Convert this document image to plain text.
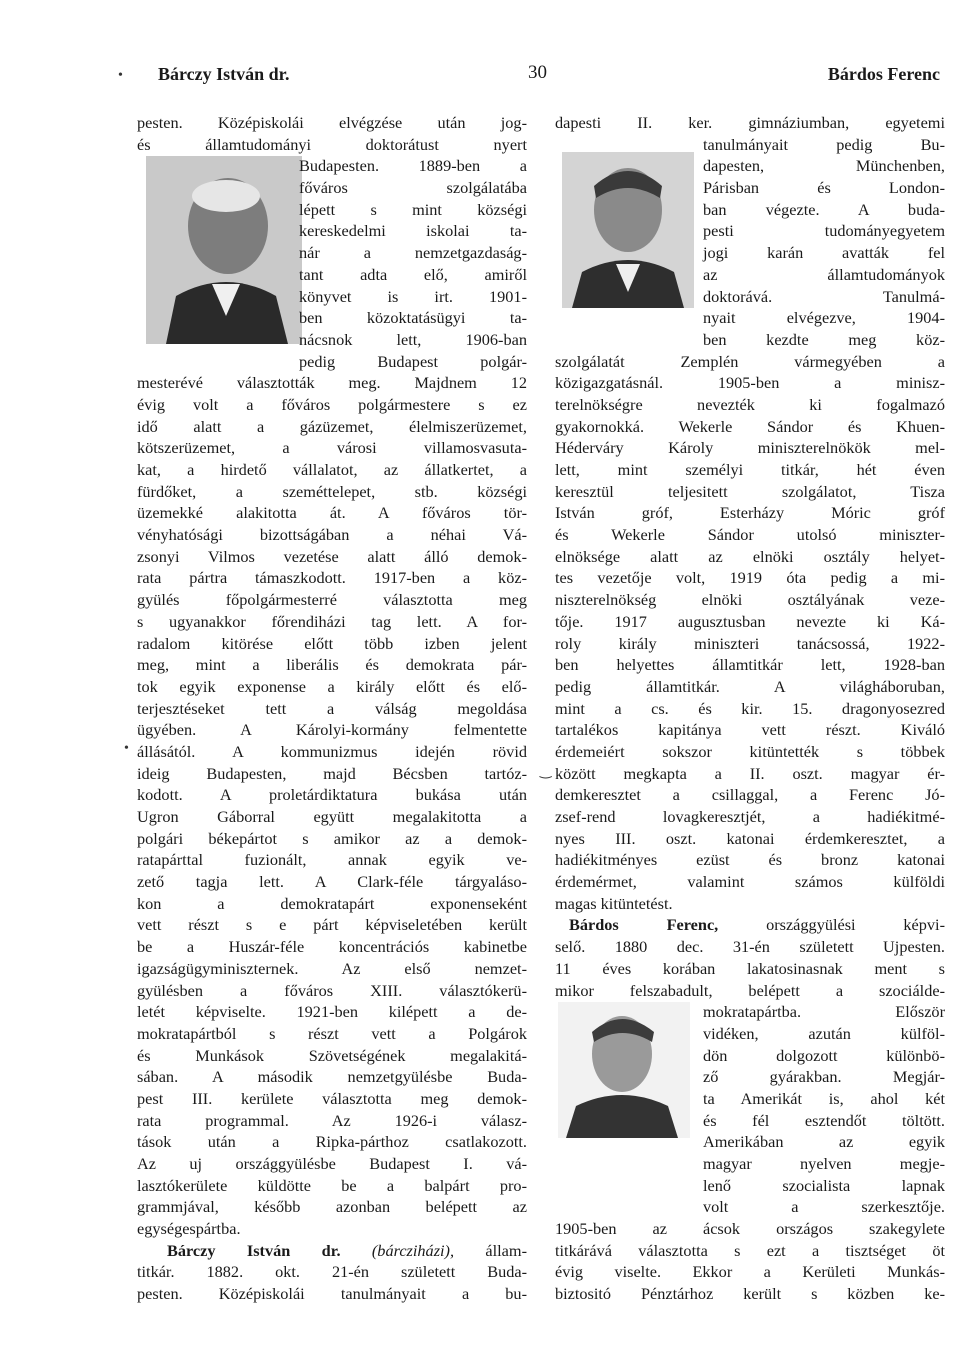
Bárczy István dr.	30	Bárdos Ferenc
pesten. Középiskolái elvégzése után jog-
és államtudományi doktorátust nyert
Budapesten. 1889-ben a
főváros szolgálatába
lépett s mint községi
kereskedelmi iskolai ta-
nár a nemzetgazdaság-
tant adta elő, amiről
könyvet is irt. 1901-
ben közoktatásügyi ta-
nácsnok lett, 1906-ban
pedig Budapest polgár-
mesterévé választották meg. Majdnem 12
évig volt a főváros polgármestere s ez
idő alatt a gázüzemet, élelmiszerüzemet,
kötszerüzemet, a városi villamosvasuta-
kat, a hirdető vállalatot, az állatkertet, a
fürdőket, a szeméttelepet, stb. községi
üzemekké alakitotta át. A főváros tör-
vényhatósági bizottságában a néhai Vá-
zsonyi Vilmos vezetése alatt álló demok-
rata pártra támaszkodott. 1917-ben a köz-
gyülés főpolgármesterré választotta meg
s ugyanakkor főrendiházi tag lett. A for-
radalom kitörése előtt több izben jelent
meg, mint a liberális és demokrata pár-
tok egyik exponense a király előtt és elő-
terjesztéseket tett a válság megoldása
ügyében. A Károlyi-kormány felmentette
állásától. A kommunizmus idején rövid
ideig Budapesten, majd Bécsben tartóz-
kodott. A proletárdiktatura bukása után
Ugron Gáborral együtt megalakitotta a
polgári békepártot s amikor az a demok-
ratapárttal fuzionált, annak egyik ve-
zető tagja lett. A Clark-féle tárgyaláso-
kon a demokratapárt exponenseként
vett részt s e párt képviseletében került
be a Huszár-féle koncentrációs kabinetbe
igazságügyminiszternek. Az első nemzet-
gyülésben a főváros XIII. választókerü-
letét képviselte. 1921-ben kilépett a de-
mokratapártból s részt vett a Polgárok
és Munkások Szövetségének megalakitá-
sában. A második nemzetgyülésbe Buda-
pest III. kerülete választotta meg demok-
rata programmal. Az 1926-i válasz-
tások után a Ripka-párthoz csatlakozott.
Az uj országgyülésbe Budapest I. vá-
lasztókerülete küldötte be a balpárt pro-
grammjával, később azonban belépett az
egységespártba.
Bárczy István dr. (bárcziházi), állam-
titkár. 1882. okt. 21-én született Buda-
pesten. Középiskolái tanulmányait a bu-
dapesti II. ker. gimnáziumban, egyetemi
tanulmányait pedig Bu-
dapesten, Münchenben,
Párisban és London-
ban végezte. A buda-
pesti tudományegyetem
jogi karán avatták fel
az államtudományok
doktorává. Tanulmá-
nyait elvégezve, 1904-
ben kezdte meg köz-
szolgálatát Zemplén vármegyében a
közigazgatásnál. 1905-ben a minisz-
terelnökségre nevezték ki fogalmazó
gyakornokká. Wekerle Sándor és Khuen-
Héderváry Károly miniszterelnökök mel-
lett, mint személyi titkár, hét éven
keresztül teljesitett szolgálatot, Tisza
István gróf, Esterházy Móric gróf
és Wekerle Sándor utolsó miniszter-
elnöksége alatt az elnöki osztály helyet-
tes vezetője volt, 1919 óta pedig a mi-
niszterelnökség elnöki osztályának veze-
tője. 1917 augusztusban nevezte ki Ká-
roly király miniszteri tanácsossá, 1922-
ben helyettes államtitkár lett, 1928-ban
pedig államtitkár. A világháboruban,
mint a cs. és kir. 15. dragonyosezred
tartalékos kapitánya vett részt. Kiváló
érdemeiért sokszor kitüntették s többek
között megkapta a II. oszt. magyar ér-
demkeresztet a csillaggal, a Ferenc Jó-
zsef-rend lovagkeresztjét, a hadiékitmé-
nyes III. oszt. katonai érdemkeresztet, a
hadiékitményes ezüst és bronz katonai
érdemérmet, valamint számos külföldi
magas kitüntetést.
Bárdos Ferenc,	országgyülési képvi-
selő. 1880 dec. 31-én született Ujpesten.
11 éves korában lakatosinasnak ment s
mikor felszabadult, belépett a szociálde-
mokratapártba. Először
vidéken, azután külföl-
dön dolgozott különbö-
ző gyárakban. Megjár-
ta Amerikát is, ahol két
és fél esztendőt töltött.
Amerikában az egyik
magyar nyelven megje-
lenő szocialista lapnak
volt a szerkesztője.
1905-ben az ácsok országos szakegylete
titkárává választotta s ezt a tisztséget öt
évig viselte. Ekkor a Kerületi Munkás-
biztositó Pénztárhoz került s közben ke-
•
•
‿
